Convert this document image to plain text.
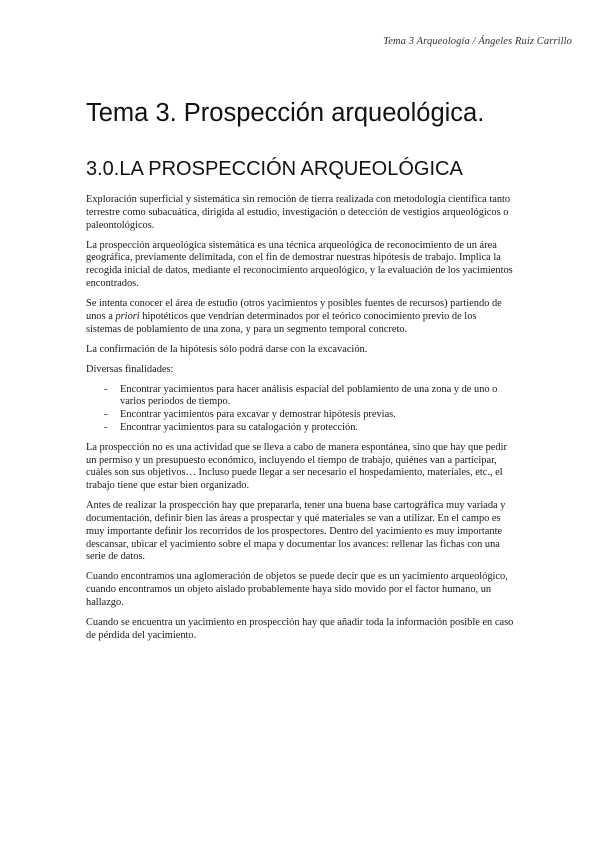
Tema 3 Arqueología / Ángeles Ruiz Carrillo
Tema 3. Prospección arqueológica.
3.0.LA PROSPECCIÓN ARQUEOLÓGICA

Exploración superficial y sistemática sin remoción de tierra realizada con metodología científica tanto terrestre como subacuática, dirigida al estudio, investigación o detección de vestigios arqueológicos o paleontológicos.

La prospección arqueológica sistemática es una técnica arqueológica de reconocimiento de un área geográfica, previamente delimitada, con el fin de demostrar nuestras hipótesis de trabajo. Implica la recogida inicial de datos, mediante el reconocimiento arqueológico, y la evaluación de los yacimientos encontrados.

Se intenta conocer el área de estudio (otros yacimientos y posibles fuentes de recursos) partiendo de unos a priori hipotéticos que vendrían determinados por el teórico conocimiento previo de los sistemas de poblamiento de una zona, y para un segmento temporal concreto.

La confirmación de la hipótesis sólo podrá darse con la excavación.

Diversas finalidades:

- Encontrar yacimientos para hacer análisis espacial del poblamiento de una zona y de uno o varios periodos de tiempo.
- Encontrar yacimientos para excavar y demostrar hipótesis previas.
- Encontrar yacimientos para su catalogación y protección.

La prospección no es una actividad que se lleva a cabo de manera espontánea, sino que hay que pedir un permiso y un presupuesto económico, incluyendo el tiempo de trabajo, quiénes van a participar, cuáles son sus objetivos… Incluso puede llegar a ser necesario el hospedamiento, materiales, etc., el trabajo tiene que estar bien organizado.

Antes de realizar la prospección hay que prepararla, tener una buena base cartográfica muy variada y documentación, definir bien las áreas a prospectar y qué materiales se van a utilizar. En el campo es muy importante definir los recorridos de los prospectores. Dentro del yacimiento es muy importante descansar, ubicar el yacimiento sobre el mapa y documentar los avances: rellenar las fichas con una serie de datos.

Cuando encontramos una aglomeración de objetos se puede decir que es un yacimiento arqueológico, cuando encontramos un objeto aislado probablemente haya sido movido por el factor humano, un hallazgo.

Cuando se encuentra un yacimiento en prospección hay que añadir toda la información posible en caso de pérdida del yacimiento.
